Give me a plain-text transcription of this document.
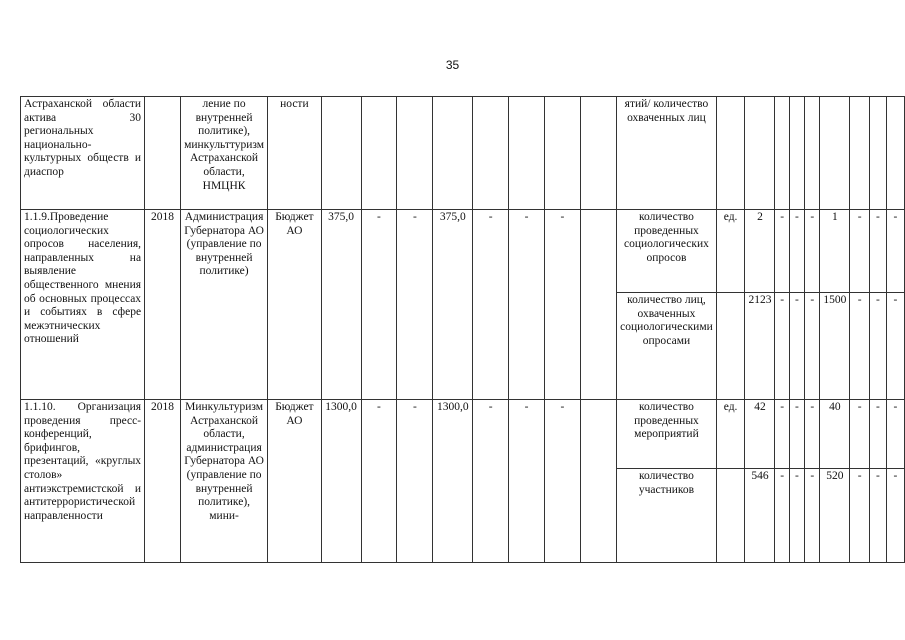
35
Астраханской области актива 30 региональных национально-культурных обществ и диаспор		ление по внутренней политике), минкульттуризм Астраханской области, НМЦНК	ности									ятий/ количество охваченных лиц									
1.1.9.Проведение социологических опросов населения, направленных на выявление общественного мнения об основных процессах и событиях в сфере межэтнических отношений	2018	Администрация Губернатора АО (управление по внутренней политике)	Бюджет АО	375,0	-	-	375,0	-	-	-		количество проведенных социологических опросов	ед.	2	-	-	-	1	-	-	-
												количество лиц, охваченных социологическими опросами		2123	-	-	-	1500	-	-	-
1.1.10. Организация проведения пресс-конференций, брифингов, презентаций, «круглых столов» антиэкстремистской и антитеррористической направленности	2018	Минкультуризм Астраханской области, администрация Губернатора АО (управление по внутренней политике), мини-	Бюджет АО	1300,0	-	-	1300,0	-	-	-		количество проведенных мероприятий	ед.	42	-	-	-	40	-	-	-
												количество участников		546	-	-	-	520	-	-	-
